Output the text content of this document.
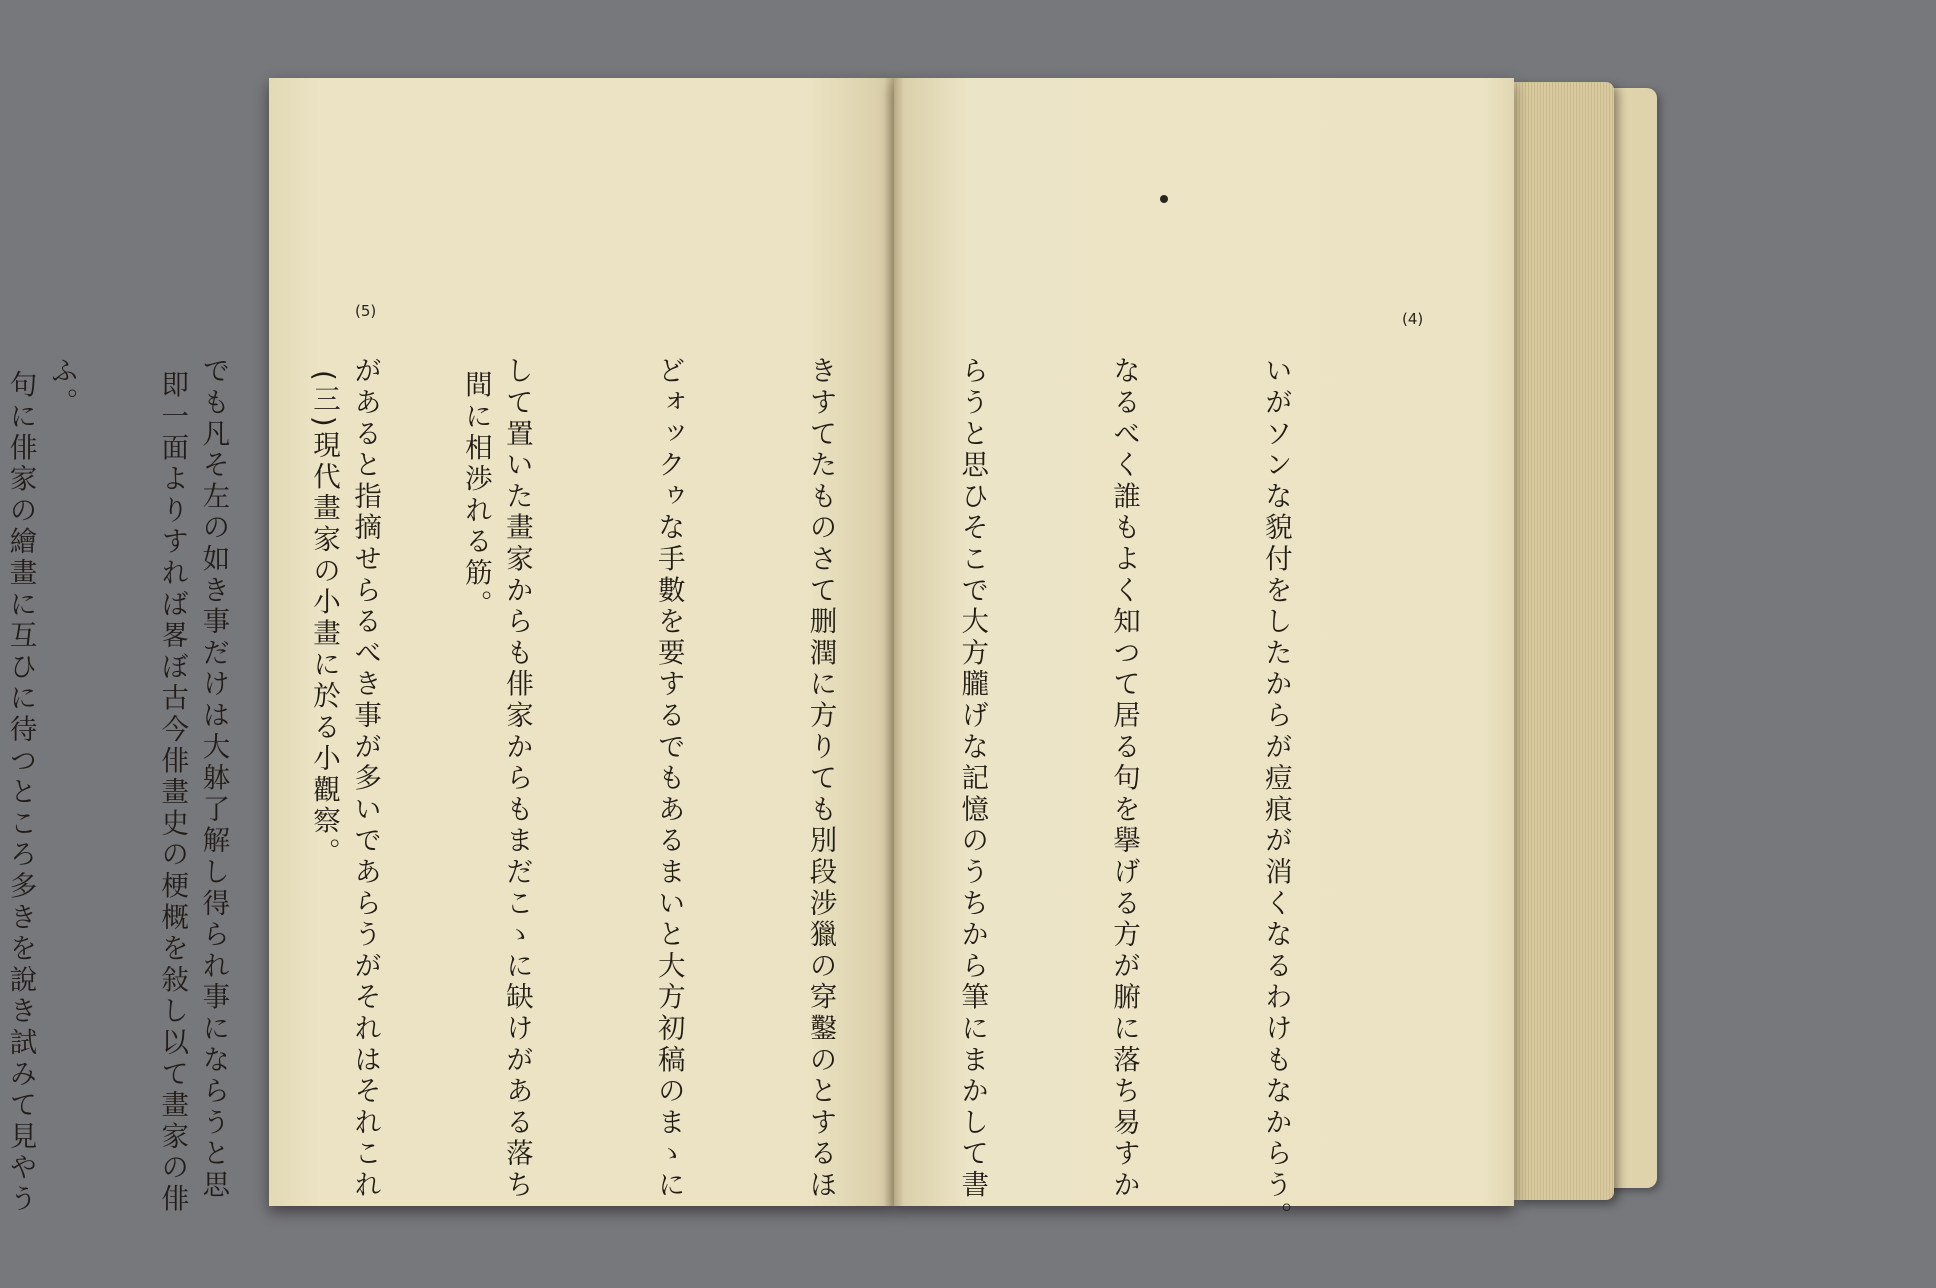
(5)

間に相渉れる筋。

(三)現代畫家の小畫に於る小觀察。

即一面よりすれば畧ぼ古今俳畫史の梗概を敍し以て畫家の俳

句に俳家の繪畫に互ひに待つところ多きを說き試みて見やう

(4)

いがソンな貌付をしたからが痘痕が消くなるわけもなからう。

なるべく誰もよく知つて居る句を擧げる方が腑に落ち易すか

らうと思ひそこで大方朧げな記憶のうちから筆にまかして書

きすてたものさて删潤に方りても別段涉獵の穿鑿のとするほ

どォックゥな手數を要するでもあるまいと大方初稿のまゝに

して置いた畫家からも俳家からもまだこゝに缺けがある落ち

があると指摘せらるべき事が多いであらうがそれはそれこれ

でも凡そ左の如き事だけは大躰了解し得られ事にならうと思

ふ。
